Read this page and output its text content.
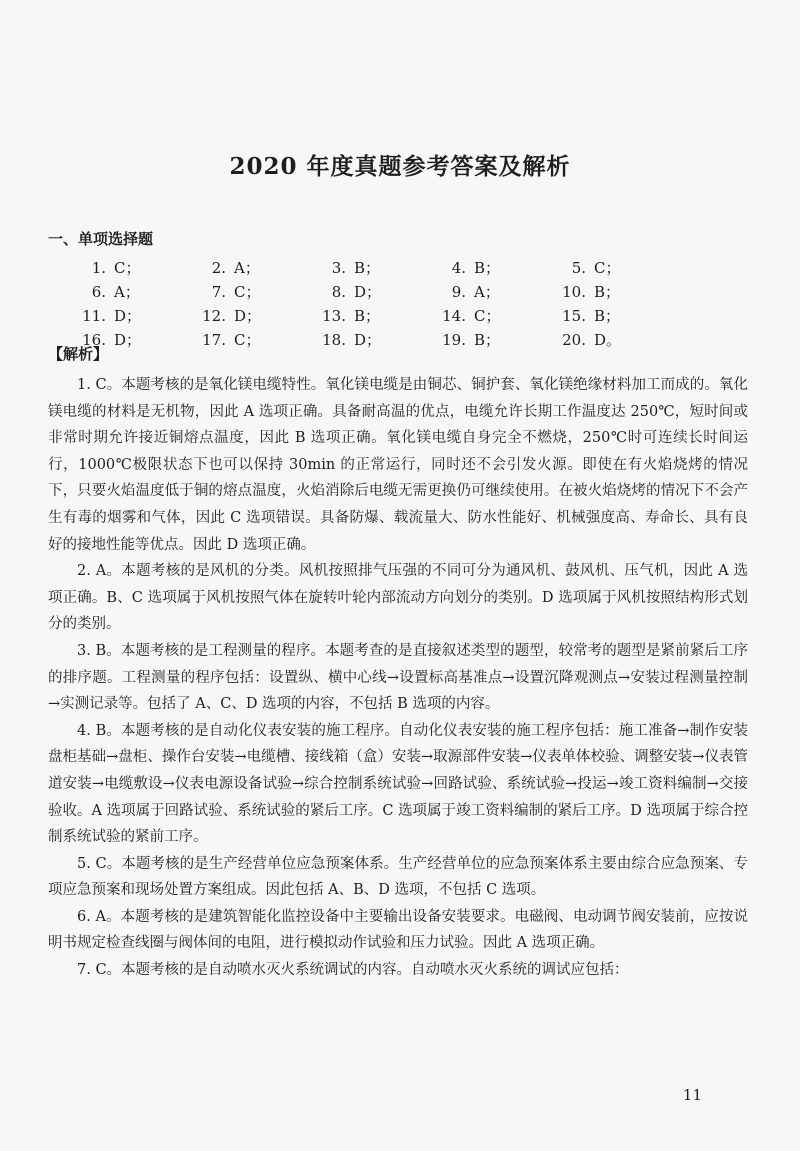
2020 年度真题参考答案及解析
一、单项选择题
1. C；	2. A；	3. B；	4. B；	5. C；
6. A；	7. C；	8. D；	9. A；	10. B；
11. D；	12. D；	13. B；	14. C；	15. B；
16. D；	17. C；	18. D；	19. B；	20. D。
【解析】

1. C。本题考核的是氧化镁电缆特性。氧化镁电缆是由铜芯、铜护套、氧化镁绝缘材料加工而成的。氧化镁电缆的材料是无机物，因此 A 选项正确。具备耐高温的优点，电缆允许长期工作温度达 250℃，短时间或非常时期允许接近铜熔点温度，因此 B 选项正确。氧化镁电缆自身完全不燃烧，250℃时可连续长时间运行，1000℃极限状态下也可以保持 30min 的正常运行，同时还不会引发火源。即使在有火焰烧烤的情况下，只要火焰温度低于铜的熔点温度，火焰消除后电缆无需更换仍可继续使用。在被火焰烧烤的情况下不会产生有毒的烟雾和气体，因此 C 选项错误。具备防爆、载流量大、防水性能好、机械强度高、寿命长、具有良好的接地性能等优点。因此 D 选项正确。

2. A。本题考核的是风机的分类。风机按照排气压强的不同可分为通风机、鼓风机、压气机，因此 A 选项正确。B、C 选项属于风机按照气体在旋转叶轮内部流动方向划分的类别。D 选项属于风机按照结构形式划分的类别。

3. B。本题考核的是工程测量的程序。本题考查的是直接叙述类型的题型，较常考的题型是紧前紧后工序的排序题。工程测量的程序包括：设置纵、横中心线→设置标高基准点→设置沉降观测点→安装过程测量控制→实测记录等。包括了 A、C、D 选项的内容，不包括 B 选项的内容。

4. B。本题考核的是自动化仪表安装的施工程序。自动化仪表安装的施工程序包括：施工准备→制作安装盘柜基础→盘柜、操作台安装→电缆槽、接线箱（盒）安装→取源部件安装→仪表单体校验、调整安装→仪表管道安装→电缆敷设→仪表电源设备试验→综合控制系统试验→回路试验、系统试验→投运→竣工资料编制→交接验收。A 选项属于回路试验、系统试验的紧后工序。C 选项属于竣工资料编制的紧后工序。D 选项属于综合控制系统试验的紧前工序。

5. C。本题考核的是生产经营单位应急预案体系。生产经营单位的应急预案体系主要由综合应急预案、专项应急预案和现场处置方案组成。因此包括 A、B、D 选项，不包括 C 选项。

6. A。本题考核的是建筑智能化监控设备中主要输出设备安装要求。电磁阀、电动调节阀安装前，应按说明书规定检查线圈与阀体间的电阻，进行模拟动作试验和压力试验。因此 A 选项正确。

7. C。本题考核的是自动喷水灭火系统调试的内容。自动喷水灭火系统的调试应包括：

11
